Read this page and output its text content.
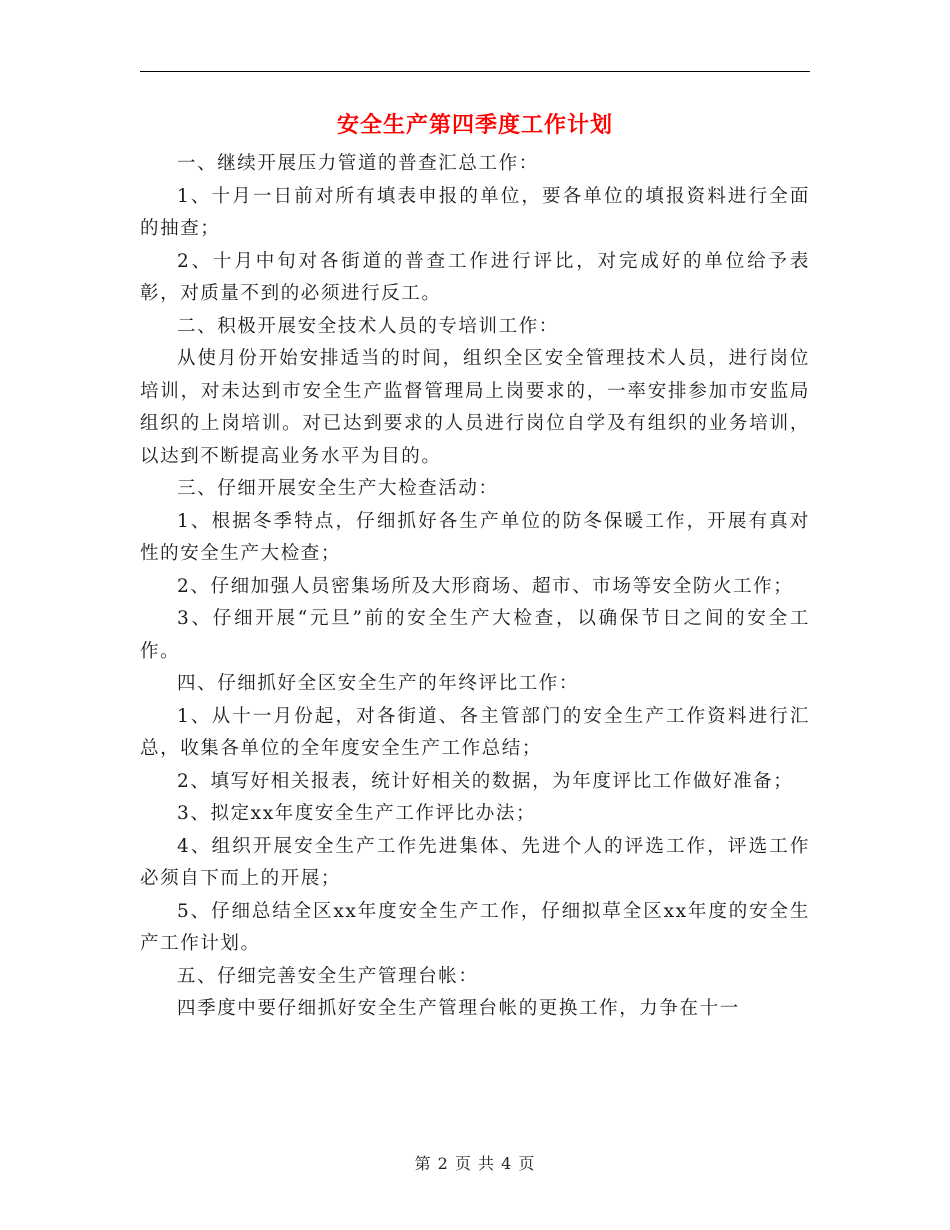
安全生产第四季度工作计划

一、继续开展压力管道的普查汇总工作：

1、十月一日前对所有填表申报的单位，要各单位的填报资料进行全面的抽查；

2、十月中旬对各街道的普查工作进行评比，对完成好的单位给予表彰，对质量不到的必须进行反工。

二、积极开展安全技术人员的专培训工作：

从使月份开始安排适当的时间，组织全区安全管理技术人员，进行岗位培训，对未达到市安全生产监督管理局上岗要求的，一率安排参加市安监局组织的上岗培训。对已达到要求的人员进行岗位自学及有组织的业务培训，以达到不断提高业务水平为目的。

三、仔细开展安全生产大检查活动：

1、根据冬季特点，仔细抓好各生产单位的防冬保暖工作，开展有真对性的安全生产大检查；

2、仔细加强人员密集场所及大形商场、超市、市场等安全防火工作；

3、仔细开展“元旦”前的安全生产大检查，以确保节日之间的安全工作。

四、仔细抓好全区安全生产的年终评比工作：

1、从十一月份起，对各街道、各主管部门的安全生产工作资料进行汇总，收集各单位的全年度安全生产工作总结；

2、填写好相关报表，统计好相关的数据，为年度评比工作做好准备；

3、拟定xx年度安全生产工作评比办法；

4、组织开展安全生产工作先进集体、先进个人的评选工作，评选工作必须自下而上的开展；

5、仔细总结全区xx年度安全生产工作，仔细拟草全区xx年度的安全生产工作计划。

五、仔细完善安全生产管理台帐：

四季度中要仔细抓好安全生产管理台帐的更换工作，力争在十一

第 2 页 共 4 页
